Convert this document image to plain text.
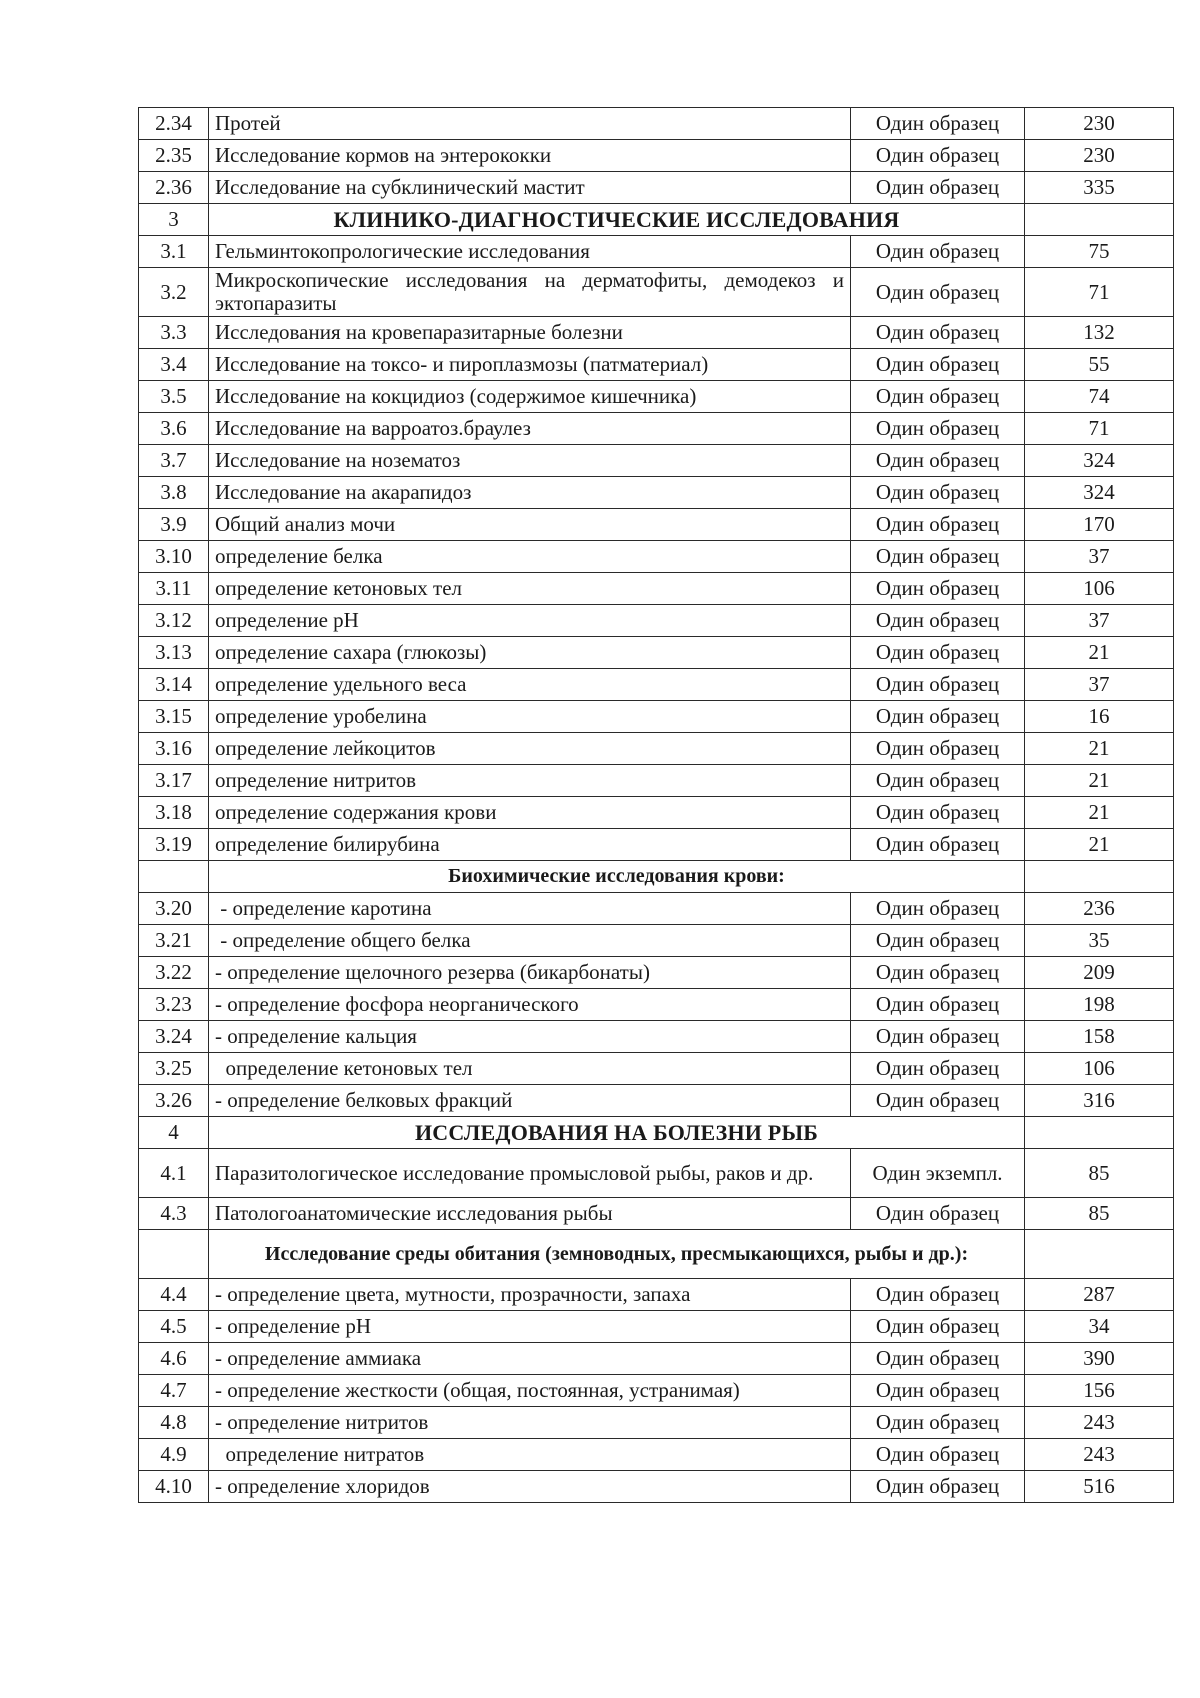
2.34	Протей	Один образец	230
2.35	Исследование кормов на энтерококки	Один образец	230
2.36	Исследование на субклинический мастит	Один образец	335
3	КЛИНИКО-ДИАГНОСТИЧЕСКИЕ ИССЛЕДОВАНИЯ		
3.1	Гельминтокопрологические исследования	Один образец	75
3.2	Микроскопические исследования на дерматофиты, демодекоз и эктопаразиты	Один образец	71
3.3	Исследования на кровепаразитарные болезни	Один образец	132
3.4	Исследование на токсо- и пироплазмозы (патматериал)	Один образец	55
3.5	Исследование на кокцидиоз (содержимое кишечника)	Один образец	74
3.6	Исследование на варроатоз.браулез	Один образец	71
3.7	Исследование на нозематоз	Один образец	324
3.8	Исследование на акарапидоз	Один образец	324
3.9	Общий анализ мочи	Один образец	170
3.10	определение белка	Один образец	37
3.11	определение кетоновых тел	Один образец	106
3.12	определение рН	Один образец	37
3.13	определение сахара (глюкозы)	Один образец	21
3.14	определение удельного веса	Один образец	37
3.15	определение уробелина	Один образец	16
3.16	определение лейкоцитов	Один образец	21
3.17	определение нитритов	Один образец	21
3.18	определение содержания крови	Один образец	21
3.19	определение билирубина	Один образец	21
	Биохимические исследования крови:		
3.20	- определение каротина	Один образец	236
3.21	- определение общего белка	Один образец	35
3.22	- определение щелочного резерва (бикарбонаты)	Один образец	209
3.23	- определение фосфора неорганического	Один образец	198
3.24	- определение кальция	Один образец	158
3.25	определение кетоновых тел	Один образец	106
3.26	- определение белковых фракций	Один образец	316
4	ИССЛЕДОВАНИЯ НА БОЛЕЗНИ РЫБ		
4.1	Паразитологическое исследование промысловой рыбы, раков и др.	Один экземпл.	85
4.3	Патологоанатомические исследования рыбы	Один образец	85
	Исследование среды обитания (земноводных, пресмыкающихся, рыбы и др.):		
4.4	- определение цвета, мутности, прозрачности, запаха	Один образец	287
4.5	- определение рН	Один образец	34
4.6	- определение аммиака	Один образец	390
4.7	- определение жесткости (общая, постоянная, устранимая)	Один образец	156
4.8	- определение нитритов	Один образец	243
4.9	определение нитратов	Один образец	243
4.10	- определение хлоридов	Один образец	516
